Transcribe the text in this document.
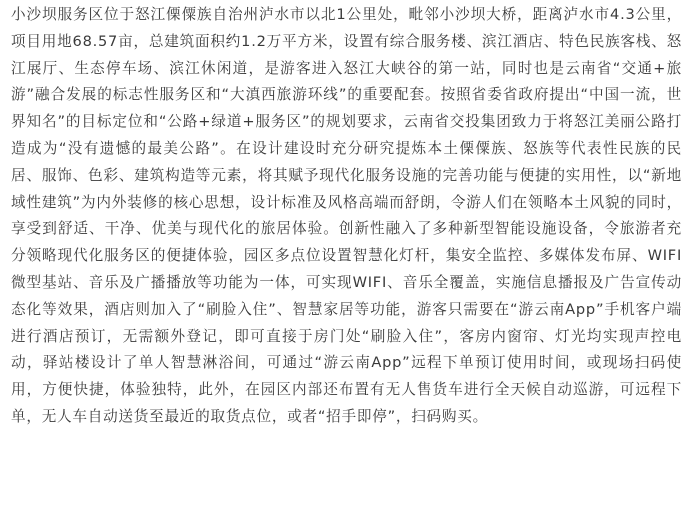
小沙坝服务区位于怒江傈僳族自治州泸水市以北1公里处，毗邻小沙坝大桥，距离泸水市4.3公里，项目用地68.57亩，总建筑面积约1.2万平方米，设置有综合服务楼、滨江酒店、特色民族客栈、怒江展厅、生态停车场、滨江休闲道，是游客进入怒江大峡谷的第一站，同时也是云南省“交通+旅游”融合发展的标志性服务区和“大滇西旅游环线”的重要配套。按照省委省政府提出“中国一流，世界知名”的目标定位和“公路+绿道+服务区”的规划要求，云南省交投集团致力于将怒江美丽公路打造成为“没有遗憾的最美公路”。在设计建设时充分研究提炼本土傈僳族、怒族等代表性民族的民居、服饰、色彩、建筑构造等元素，将其赋予现代化服务设施的完善功能与便捷的实用性，以“新地域性建筑”为内外装修的核心思想，设计标准及风格高端而舒朗，令游人们在领略本土风貌的同时，享受到舒适、干净、优美与现代化的旅居体验。创新性融入了多种新型智能设施设备，令旅游者充分领略现代化服务区的便捷体验，园区多点位设置智慧化灯杆，集安全监控、多媒体发布屏、WIFI微型基站、音乐及广播播放等功能为一体，可实现WIFI、音乐全覆盖，实施信息播报及广告宣传动态化等效果，酒店则加入了“刷脸入住”、智慧家居等功能，游客只需要在“游云南App”手机客户端进行酒店预订，无需额外登记，即可直接于房门处“刷脸入住”，客房内窗帘、灯光均实现声控电动，驿站楼设计了单人智慧淋浴间，可通过“游云南App”远程下单预订使用时间，或现场扫码使用，方便快捷，体验独特，此外，在园区内部还布置有无人售货车进行全天候自动巡游，可远程下单，无人车自动送货至最近的取货点位，或者“招手即停”，扫码购买。
